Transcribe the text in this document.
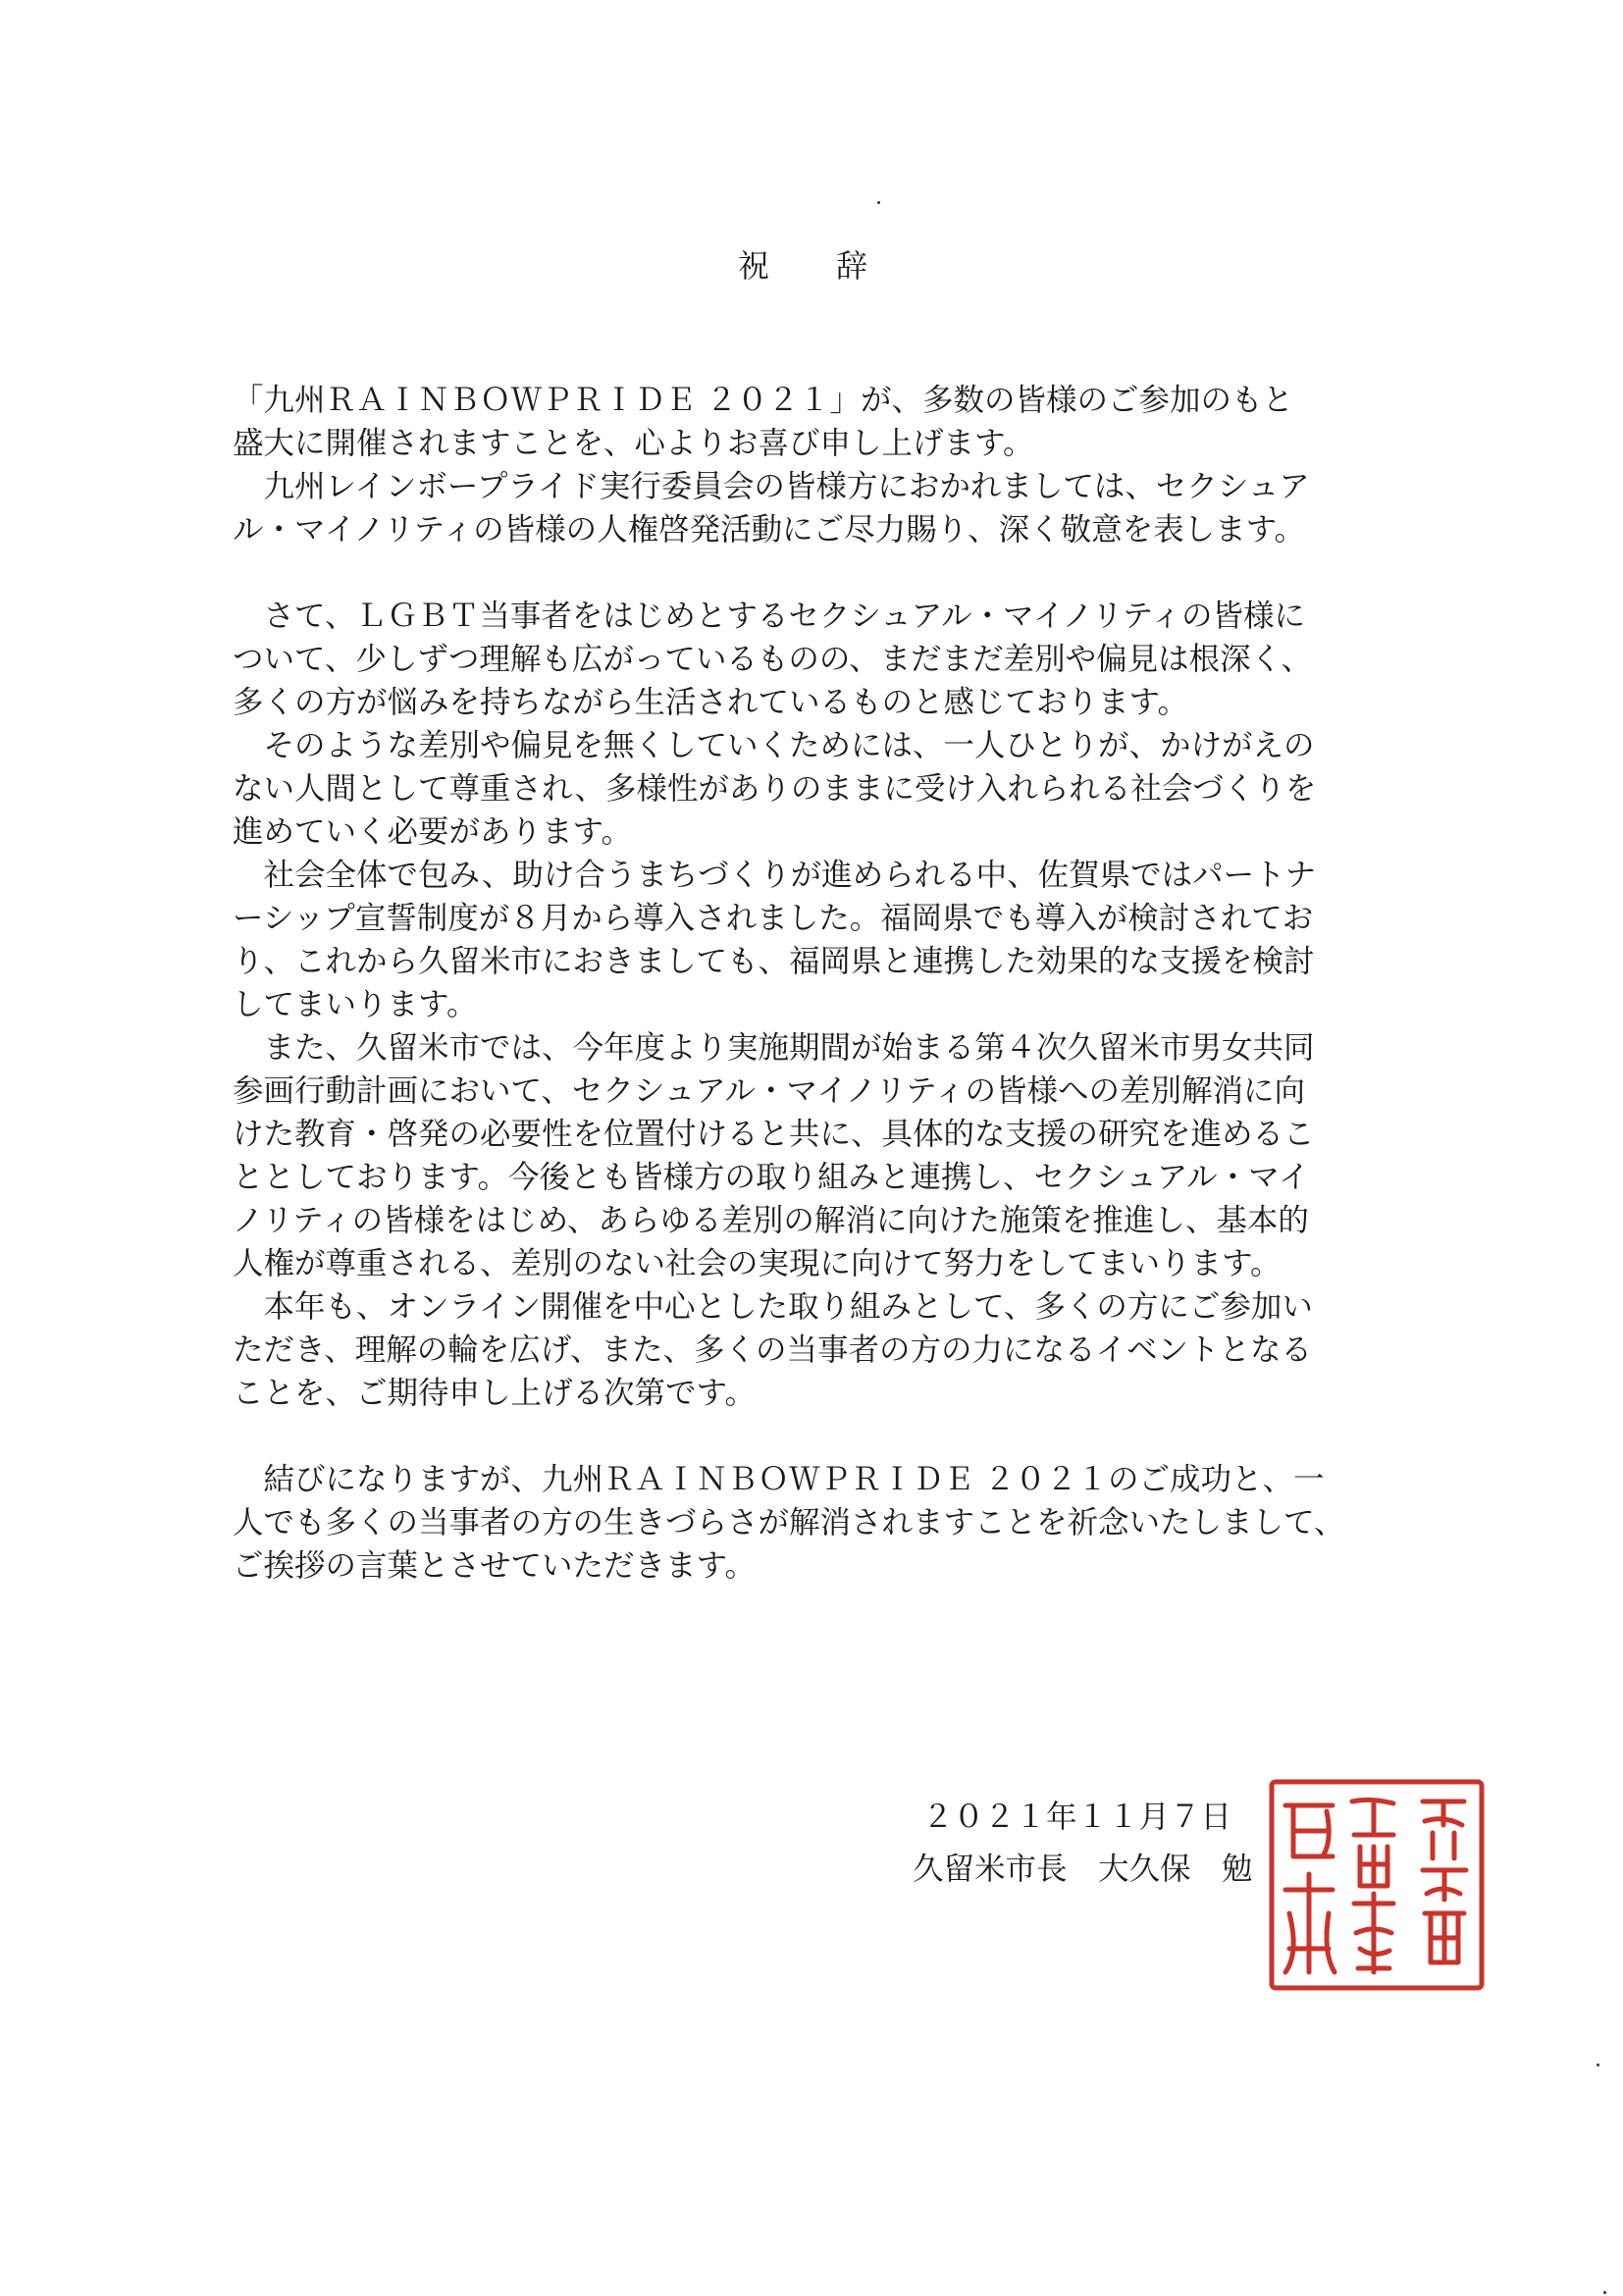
祝　辞
「九州ＲＡＩＮＢＯＷＰＲＩＤＥ ２０２１」が、多数の皆様のご参加のもと
盛大に開催されますことを、心よりお喜び申し上げます。
　九州レインボープライド実行委員会の皆様方におかれましては、セクシュア
ル・マイノリティの皆様の人権啓発活動にご尽力賜り、深く敬意を表します。
　さて、ＬＧＢＴ当事者をはじめとするセクシュアル・マイノリティの皆様に
ついて、少しずつ理解も広がっているものの、まだまだ差別や偏見は根深く、
多くの方が悩みを持ちながら生活されているものと感じております。
　そのような差別や偏見を無くしていくためには、一人ひとりが、かけがえの
ない人間として尊重され、多様性がありのままに受け入れられる社会づくりを
進めていく必要があります。
　社会全体で包み、助け合うまちづくりが進められる中、佐賀県ではパートナ
ーシップ宣誓制度が８月から導入されました。福岡県でも導入が検討されてお
り、これから久留米市におきましても、福岡県と連携した効果的な支援を検討
してまいります。
　また、久留米市では、今年度より実施期間が始まる第４次久留米市男女共同
参画行動計画において、セクシュアル・マイノリティの皆様への差別解消に向
けた教育・啓発の必要性を位置付けると共に、具体的な支援の研究を進めるこ
ととしております。今後とも皆様方の取り組みと連携し、セクシュアル・マイ
ノリティの皆様をはじめ、あらゆる差別の解消に向けた施策を推進し、基本的
人権が尊重される、差別のない社会の実現に向けて努力をしてまいります。
　本年も、オンライン開催を中心とした取り組みとして、多くの方にご参加い
ただき、理解の輪を広げ、また、多くの当事者の方の力になるイベントとなる
ことを、ご期待申し上げる次第です。
　結びになりますが、九州ＲＡＩＮＢＯＷＰＲＩＤＥ ２０２１のご成功と、一
人でも多くの当事者の方の生きづらさが解消されますことを祈念いたしまして、
ご挨拶の言葉とさせていただきます。
２０２１年１１月７日
久留米市長　大久保　勉
